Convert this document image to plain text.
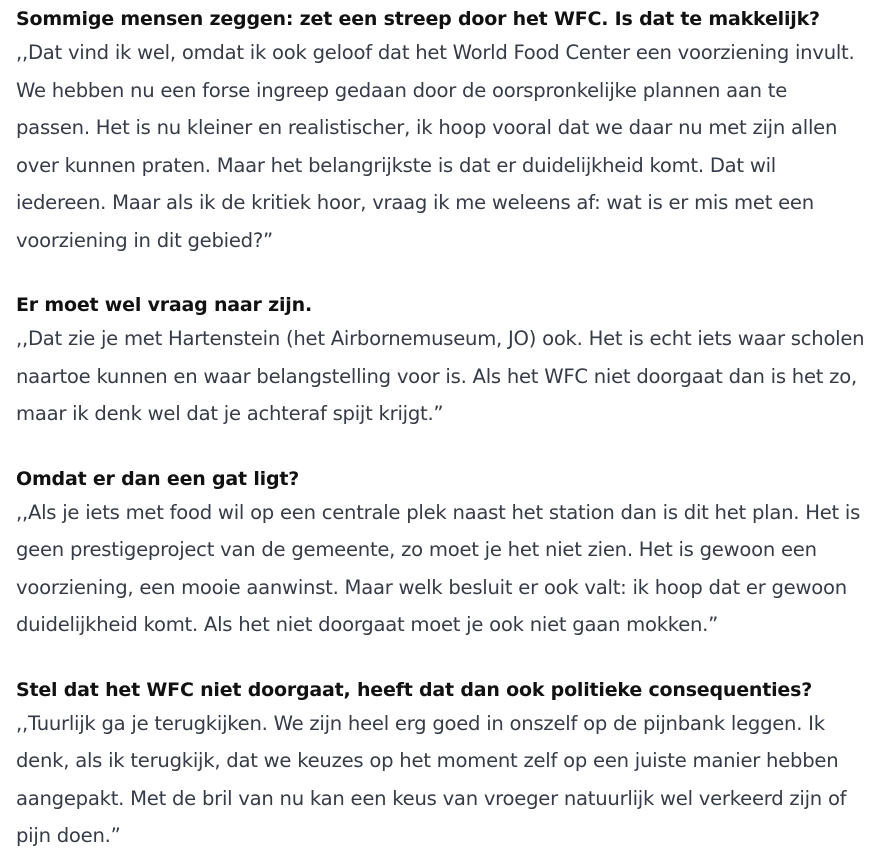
Sommige mensen zeggen: zet een streep door het WFC. Is dat te makkelijk?

,,Dat vind ik wel, omdat ik ook geloof dat het World Food Center een voorziening invult.
We hebben nu een forse ingreep gedaan door de oorspronkelijke plannen aan te
passen. Het is nu kleiner en realistischer, ik hoop vooral dat we daar nu met zijn allen
over kunnen praten. Maar het belangrijkste is dat er duidelijkheid komt. Dat wil
iedereen. Maar als ik de kritiek hoor, vraag ik me weleens af: wat is er mis met een
voorziening in dit gebied?”

Er moet wel vraag naar zijn.

,,Dat zie je met Hartenstein (het Airbornemuseum, JO) ook. Het is echt iets waar scholen
naartoe kunnen en waar belangstelling voor is. Als het WFC niet doorgaat dan is het zo,
maar ik denk wel dat je achteraf spijt krijgt.”

Omdat er dan een gat ligt?

,,Als je iets met food wil op een centrale plek naast het station dan is dit het plan. Het is
geen prestigeproject van de gemeente, zo moet je het niet zien. Het is gewoon een
voorziening, een mooie aanwinst. Maar welk besluit er ook valt: ik hoop dat er gewoon
duidelijkheid komt. Als het niet doorgaat moet je ook niet gaan mokken.”

Stel dat het WFC niet doorgaat, heeft dat dan ook politieke consequenties?

,,Tuurlijk ga je terugkijken. We zijn heel erg goed in onszelf op de pijnbank leggen. Ik
denk, als ik terugkijk, dat we keuzes op het moment zelf op een juiste manier hebben
aangepakt. Met de bril van nu kan een keus van vroeger natuurlijk wel verkeerd zijn of
pijn doen.”
